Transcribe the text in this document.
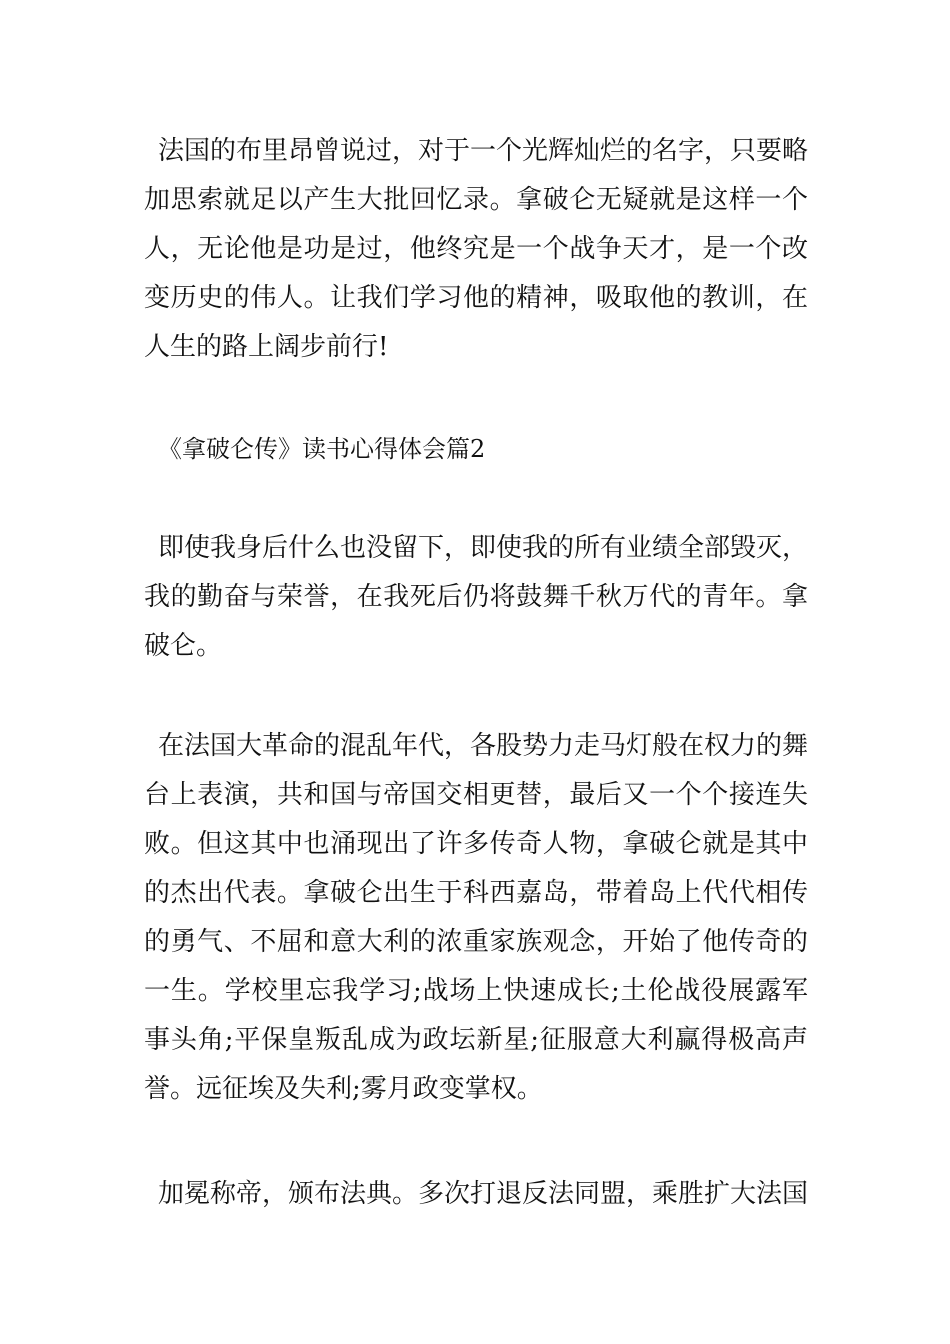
法国的布里昂曾说过，对于一个光辉灿烂的名字，只要略加思索就足以产生大批回忆录。拿破仑无疑就是这样一个人，无论他是功是过，他终究是一个战争天才，是一个改变历史的伟人。让我们学习他的精神，吸取他的教训，在人生的路上阔步前行!

《拿破仑传》读书心得体会篇2

即使我身后什么也没留下，即使我的所有业绩全部毁灭，我的勤奋与荣誉，在我死后仍将鼓舞千秋万代的青年。拿破仑。

在法国大革命的混乱年代，各股势力走马灯般在权力的舞台上表演，共和国与帝国交相更替，最后又一个个接连失败。但这其中也涌现出了许多传奇人物，拿破仑就是其中的杰出代表。拿破仑出生于科西嘉岛，带着岛上代代相传的勇气、不屈和意大利的浓重家族观念，开始了他传奇的一生。学校里忘我学习;战场上快速成长;土伦战役展露军事头角;平保皇叛乱成为政坛新星;征服意大利赢得极高声誉。远征埃及失利;雾月政变掌权。

加冕称帝，颁布法典。多次打退反法同盟，乘胜扩大法国
